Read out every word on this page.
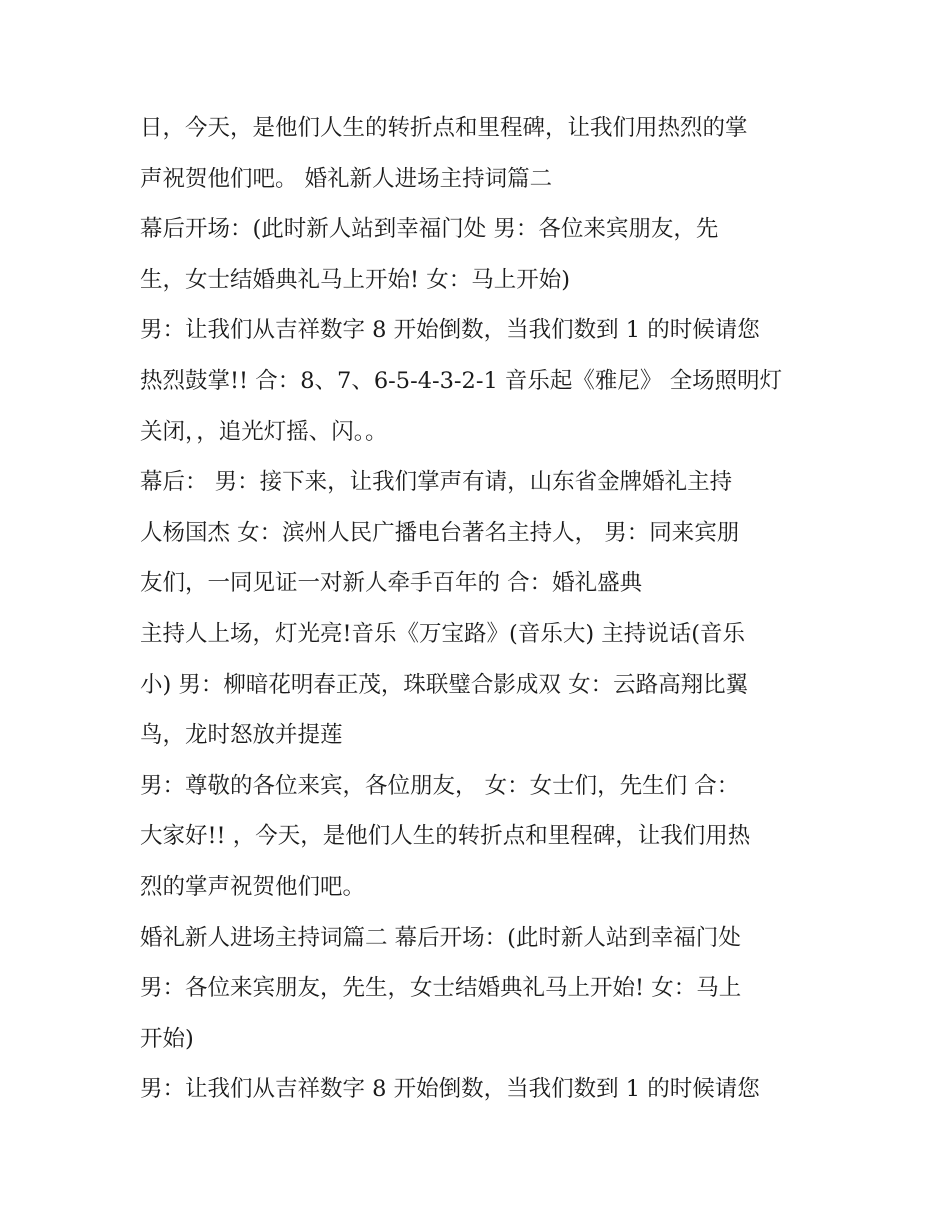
日，今天，是他们人生的转折点和里程碑，让我们用热烈的掌
声祝贺他们吧。 婚礼新人进场主持词篇二
幕后开场：(此时新人站到幸福门处 男：各位来宾朋友，先
生，女士结婚典礼马上开始! 女：马上开始)
男：让我们从吉祥数字 8 开始倒数，当我们数到 1 的时候请您
热烈鼓掌!! 合：8、7、6-5-4-3-2-1 音乐起《雅尼》 全场照明灯
关闭，，追光灯摇、闪。。
幕后： 男：接下来，让我们掌声有请，山东省金牌婚礼主持
人杨国杰 女：滨州人民广播电台著名主持人， 男：同来宾朋
友们，一同见证一对新人牵手百年的 合：婚礼盛典
主持人上场，灯光亮!音乐《万宝路》(音乐大) 主持说话(音乐
小) 男：柳暗花明春正茂，珠联璧合影成双 女：云路高翔比翼
鸟，龙时怒放并提莲
男：尊敬的各位来宾，各位朋友， 女：女士们，先生们 合：
大家好!! ，今天，是他们人生的转折点和里程碑，让我们用热
烈的掌声祝贺他们吧。
婚礼新人进场主持词篇二 幕后开场：(此时新人站到幸福门处
男：各位来宾朋友，先生，女士结婚典礼马上开始! 女：马上
开始)
男：让我们从吉祥数字 8 开始倒数，当我们数到 1 的时候请您
